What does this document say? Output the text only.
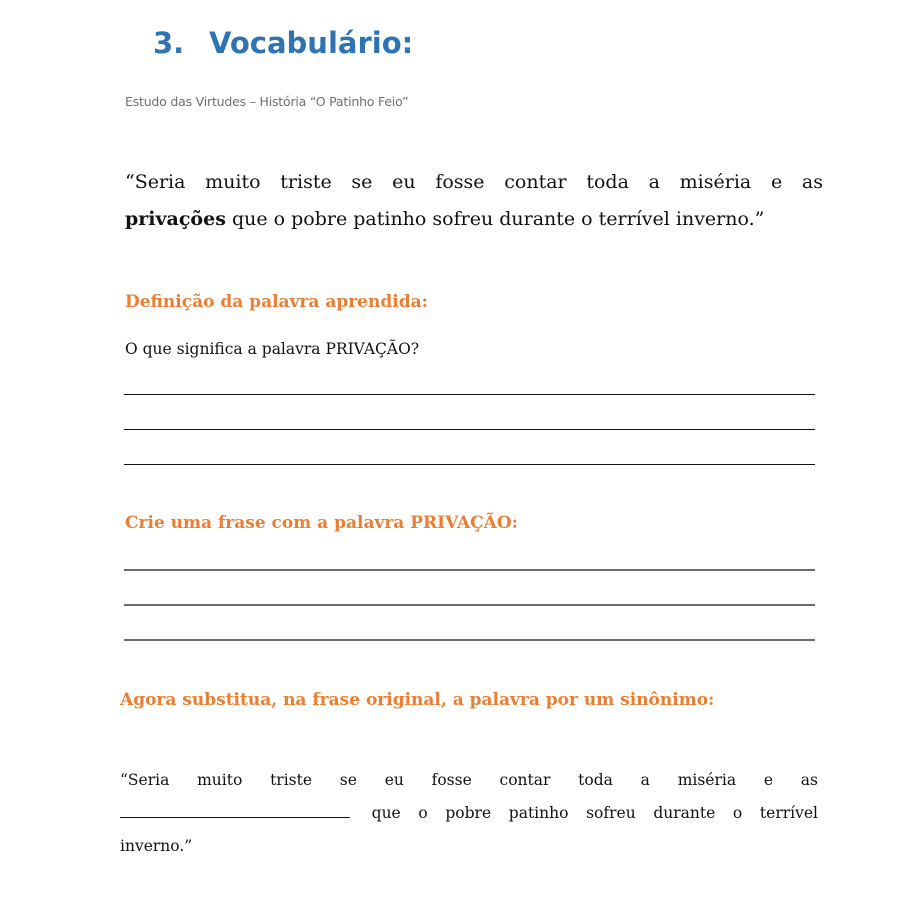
3. Vocabulário:
Estudo das Virtudes – História “O Patinho Feio”

“Seria muito triste se eu fosse contar toda a miséria e as
privações que o pobre patinho sofreu durante o terrível inverno.”

Definição da palavra aprendida:
O que significa a palavra PRIVAÇÃO?
Crie uma frase com a palavra PRIVAÇÃO:
Agora substitua, na frase original, a palavra por um sinônimo:
“Seria muito triste se eu fosse contar toda a miséria e as
que o pobre patinho sofreu durante o terrível
inverno.”
